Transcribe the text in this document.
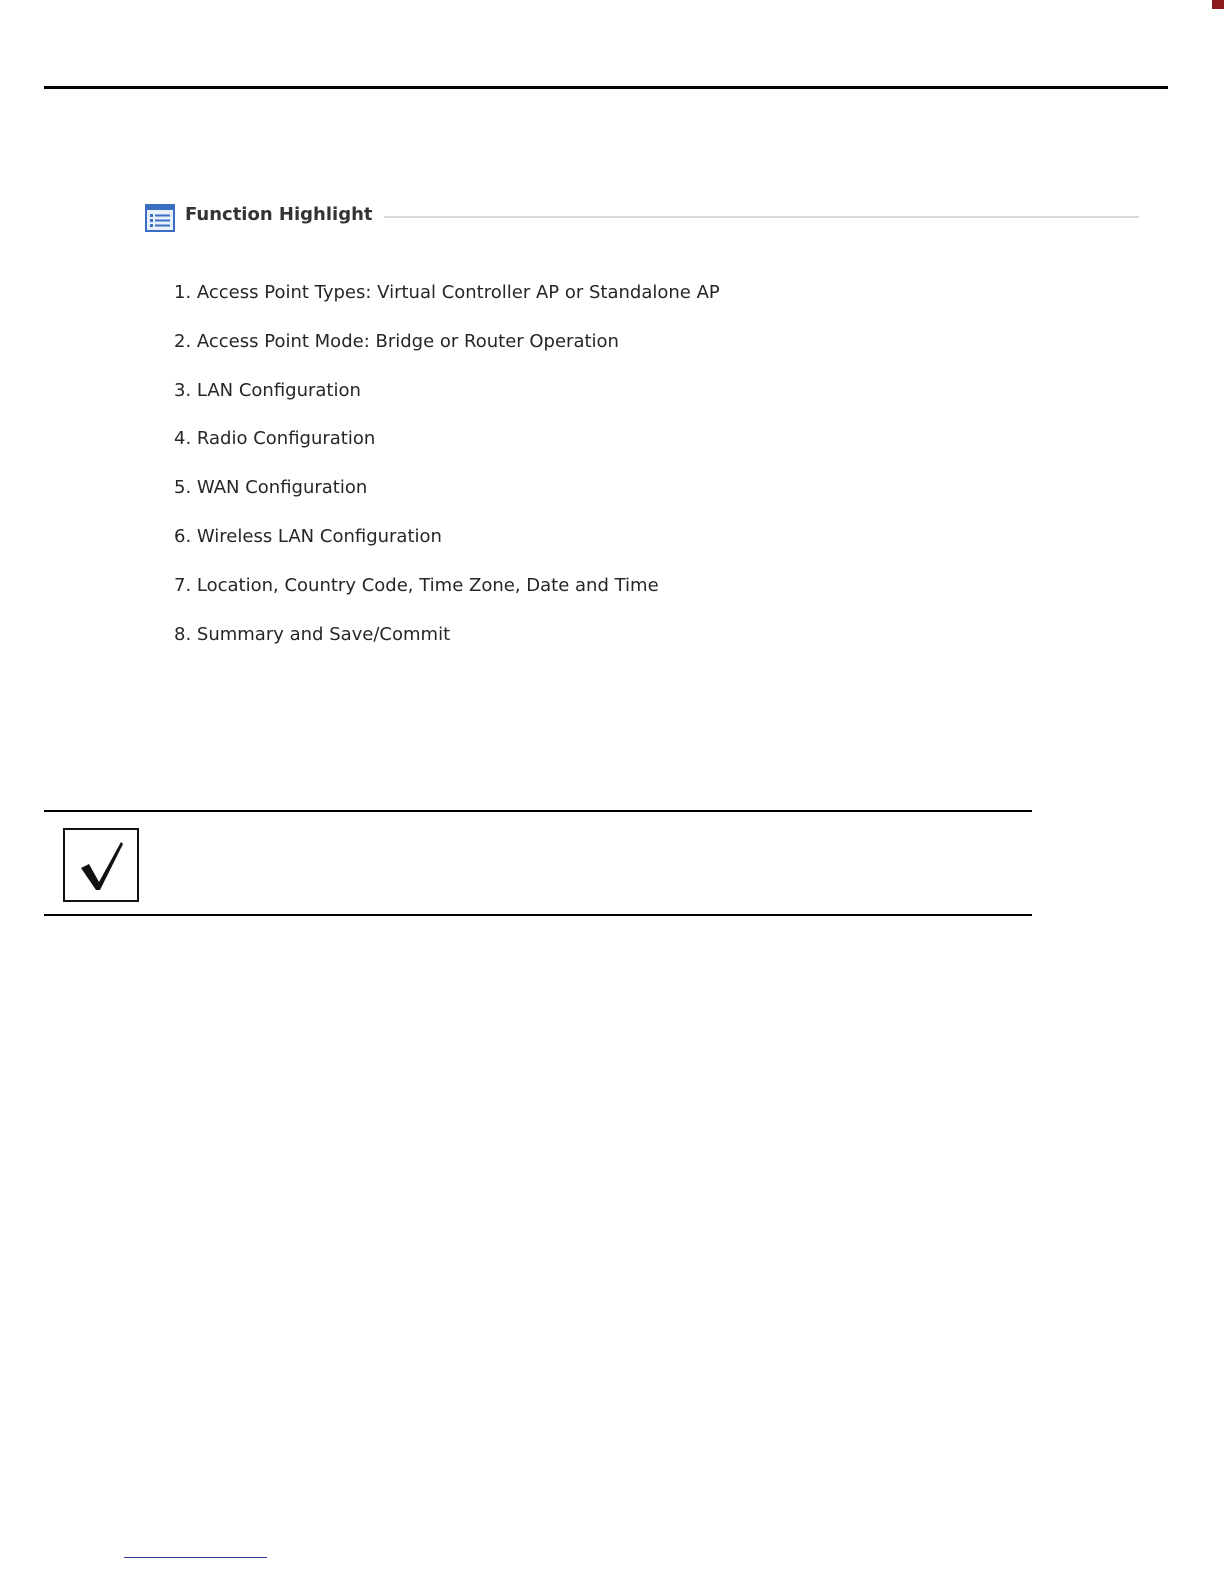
Function Highlight
1. Access Point Types: Virtual Controller AP or Standalone AP
2. Access Point Mode: Bridge or Router Operation
3. LAN Configuration
4. Radio Configuration
5. WAN Configuration
6. Wireless LAN Configuration
7. Location, Country Code, Time Zone, Date and Time
8. Summary and Save/Commit
